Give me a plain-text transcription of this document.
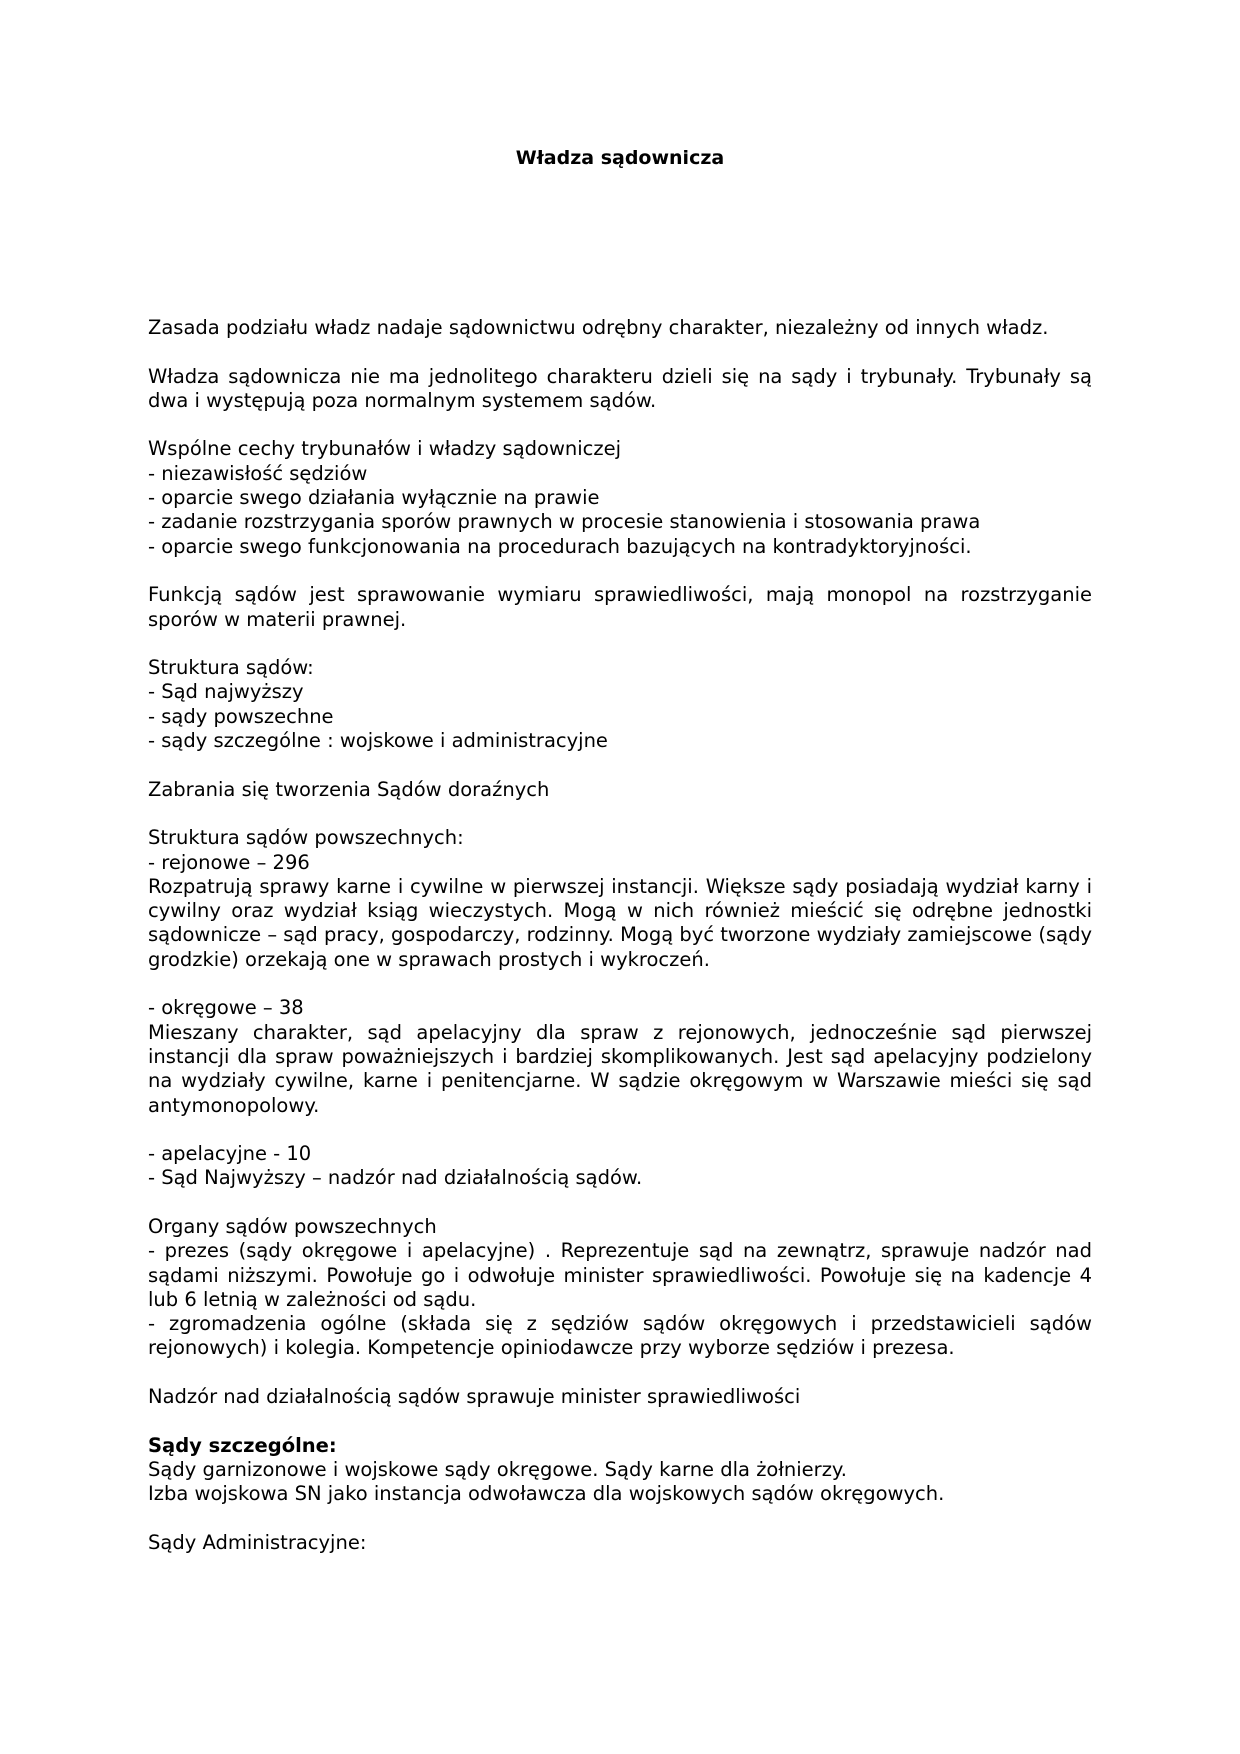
Władza sądownicza
Zasada podziału władz nadaje sądownictwu odrębny charakter, niezależny od innych władz.
Władza sądownicza nie ma jednolitego charakteru dzieli się na sądy i trybunały. Trybunały są dwa i występują poza normalnym systemem sądów.
Wspólne cechy trybunałów i władzy sądowniczej
- niezawisłość sędziów
- oparcie swego działania wyłącznie na prawie
- zadanie rozstrzygania sporów prawnych w procesie stanowienia i stosowania prawa
- oparcie swego funkcjonowania na procedurach bazujących na kontradyktoryjności.
Funkcją sądów jest sprawowanie wymiaru sprawiedliwości, mają monopol na rozstrzyganie sporów w materii prawnej.
Struktura sądów:
- Sąd najwyższy
- sądy powszechne
- sądy szczególne : wojskowe i administracyjne
Zabrania się tworzenia Sądów doraźnych
Struktura sądów powszechnych:
- rejonowe – 296
Rozpatrują sprawy karne i cywilne w pierwszej instancji. Większe sądy posiadają wydział karny i cywilny oraz wydział ksiąg wieczystych. Mogą w nich również mieścić się odrębne jednostki sądownicze – sąd pracy, gospodarczy, rodzinny. Mogą być tworzone wydziały zamiejscowe (sądy grodzkie) orzekają one w sprawach prostych i wykroczeń.
- okręgowe – 38
Mieszany charakter, sąd apelacyjny dla spraw z rejonowych, jednocześnie sąd pierwszej instancji dla spraw poważniejszych i bardziej skomplikowanych. Jest sąd apelacyjny podzielony na wydziały cywilne, karne i penitencjarne. W sądzie okręgowym w Warszawie mieści się sąd antymonopolowy.
- apelacyjne - 10
- Sąd Najwyższy – nadzór nad działalnością sądów.
Organy sądów powszechnych
- prezes (sądy okręgowe i apelacyjne) . Reprezentuje sąd na zewnątrz, sprawuje nadzór nad sądami niższymi. Powołuje go i odwołuje minister sprawiedliwości. Powołuje się na kadencje 4 lub 6 letnią w zależności od sądu.
- zgromadzenia ogólne (składa się z sędziów sądów okręgowych i przedstawicieli sądów rejonowych) i kolegia. Kompetencje opiniodawcze przy wyborze sędziów i prezesa.
Nadzór nad działalnością sądów sprawuje minister sprawiedliwości
Sądy szczególne:
Sądy garnizonowe i wojskowe sądy okręgowe. Sądy karne dla żołnierzy.
Izba wojskowa SN jako instancja odwoławcza dla wojskowych sądów okręgowych.
Sądy Administracyjne:
